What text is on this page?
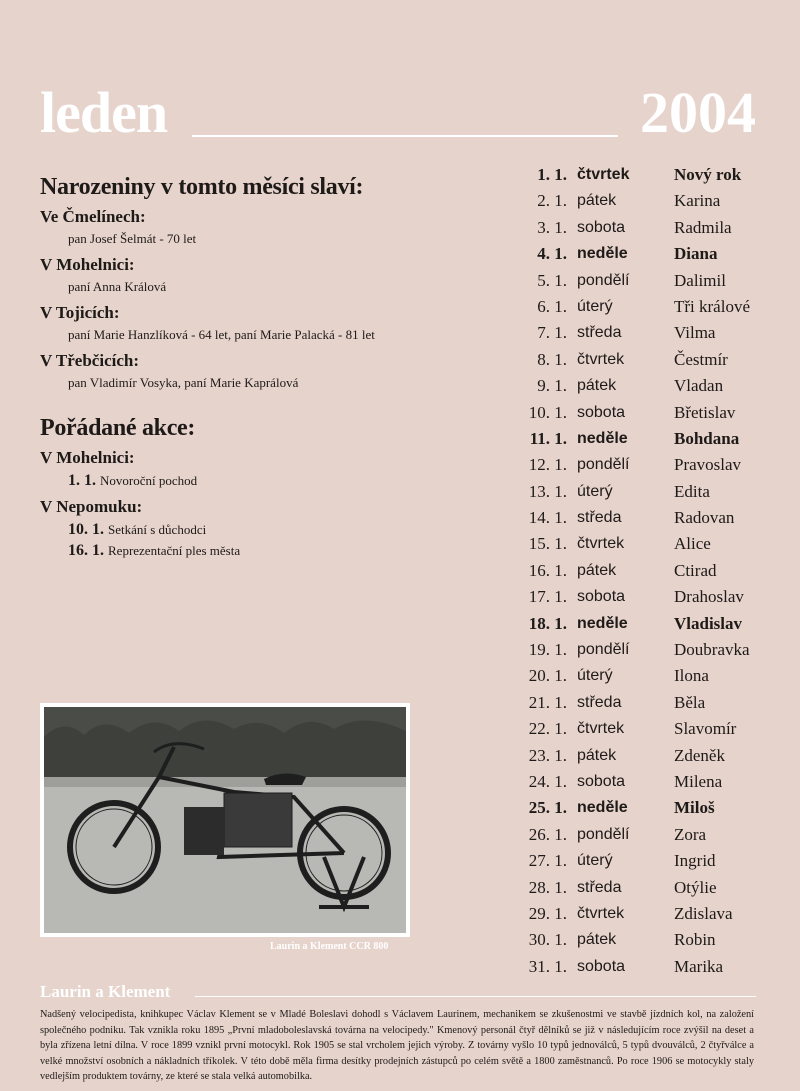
leden	2004
Narozeniny v tomto měsíci slaví:
Ve Čmelínech:
pan Josef Šelmát - 70 let
V Mohelnici:
paní Anna Králová
V Tojicích:
paní Marie Hanzlíková - 64 let, paní Marie Palacká - 81 let
V Třebčicích:
pan Vladimír Vosyka, paní Marie Kaprálová
Pořádané akce:
V Mohelnici:
1. 1. Novoroční pochod
V Nepomuku:
10. 1. Setkání s důchodci
16. 1. Reprezentační ples města
1. 1. čtvrtek	Nový rok
2. 1. pátek	Karina
3. 1. sobota	Radmila
4. 1. neděle	Diana
5. 1. pondělí	Dalimil
6. 1. úterý	Tři králové
7. 1. středa	Vilma
8. 1. čtvrtek	Čestmír
9. 1. pátek	Vladan
10. 1. sobota	Břetislav
11. 1. neděle	Bohdana
12. 1. pondělí	Pravoslav
13. 1. úterý	Edita
14. 1. středa	Radovan
15. 1. čtvrtek	Alice
16. 1. pátek	Ctirad
17. 1. sobota	Drahoslav
18. 1. neděle	Vladislav
19. 1. pondělí	Doubravka
20. 1. úterý	Ilona
21. 1. středa	Běla
22. 1. čtvrtek	Slavomír
23. 1. pátek	Zdeněk
24. 1. sobota	Milena
25. 1. neděle	Miloš
26. 1. pondělí	Zora
27. 1. úterý	Ingrid
28. 1. středa	Otýlie
29. 1. čtvrtek	Zdislava
30. 1. pátek	Robin
31. 1. sobota	Marika
Laurin a Klement CCR 800
Laurin a Klement
Nadšený velocipedista, knihkupec Václav Klement se v Mladé Boleslavi dohodl s Václavem Laurinem, mechanikem se zkušenostmi ve stavbě jízdních kol, na založení společného podniku. Tak vznikla roku 1895 „První mladoboleslavská továrna na velocipedy." Kmenový personál čtyř dělníků se již v následujícím roce zvýšil na deset a byla zřízena letní dílna. V roce 1899 vznikl první motocykl. Rok 1905 se stal vrcholem jejich výroby. Z továrny vyšlo 10 typů jednoválců, 5 typů dvouválců, 2 čtyřválce a velké množství osobních a nákladních tříkolek. V této době měla firma desítky prodejních zástupců po celém světě a 1800 zaměstnanců. Po roce 1906 se motocykly staly vedlejším produktem továrny, ze které se stala velká automobilka.
